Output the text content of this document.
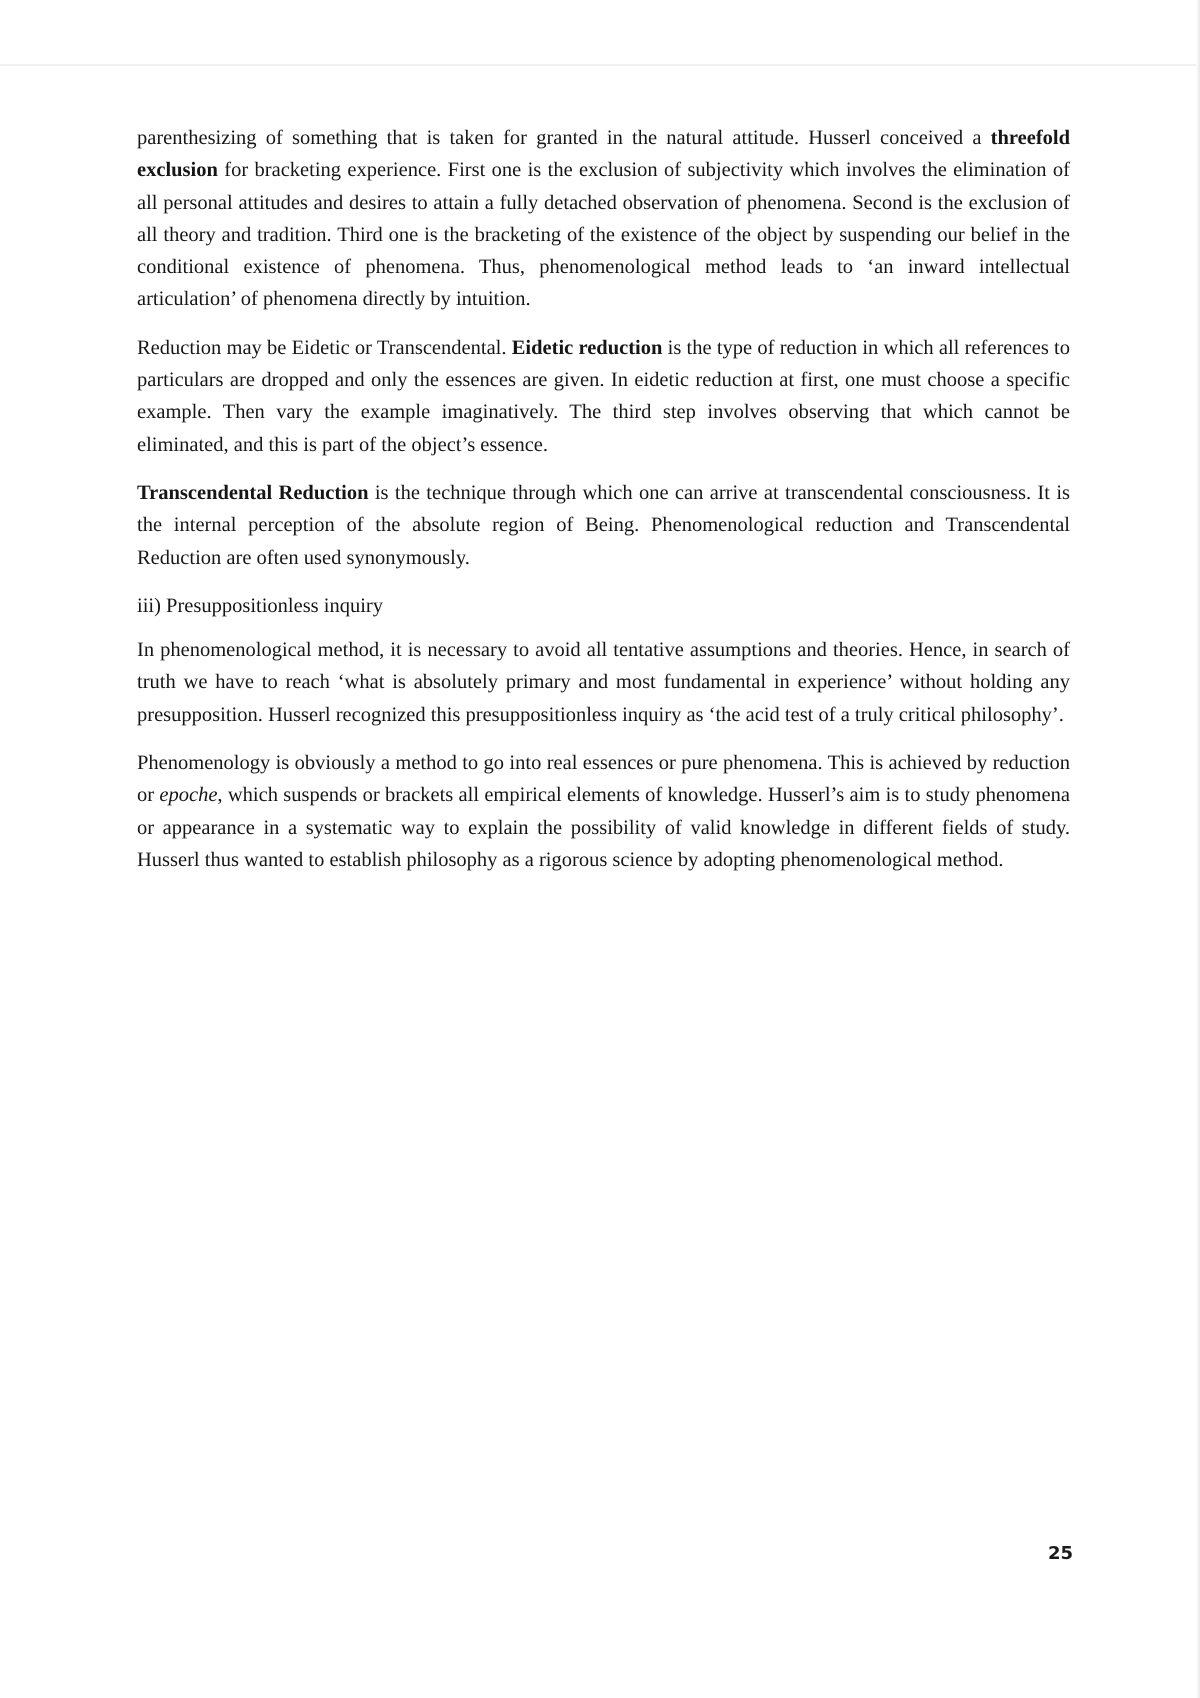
parenthesizing of something that is taken for granted in the natural attitude. Husserl conceived a threefold exclusion for bracketing experience. First one is the exclusion of subjectivity which involves the elimination of all personal attitudes and desires to attain a fully detached observation of phenomena. Second is the exclusion of all theory and tradition. Third one is the bracketing of the existence of the object by suspending our belief in the conditional existence of phenomena. Thus, phenomenological method leads to ‘an inward intellectual articulation’ of phenomena directly by intuition.

Reduction may be Eidetic or Transcendental. Eidetic reduction is the type of reduction in which all references to particulars are dropped and only the essences are given. In eidetic reduction at first, one must choose a specific example. Then vary the example imaginatively. The third step involves observing that which cannot be eliminated, and this is part of the object’s essence.

Transcendental Reduction is the technique through which one can arrive at transcendental consciousness. It is the internal perception of the absolute region of Being. Phenomenological reduction and Transcendental Reduction are often used synonymously.

iii) Presuppositionless inquiry

In phenomenological method, it is necessary to avoid all tentative assumptions and theories. Hence, in search of truth we have to reach ‘what is absolutely primary and most fundamental in experience’ without holding any presupposition. Husserl recognized this presuppositionless inquiry as ‘the acid test of a truly critical philosophy’.

Phenomenology is obviously a method to go into real essences or pure phenomena. This is achieved by reduction or epoche, which suspends or brackets all empirical elements of knowledge. Husserl’s aim is to study phenomena or appearance in a systematic way to explain the possibility of valid knowledge in different fields of study. Husserl thus wanted to establish philosophy as a rigorous science by adopting phenomenological method.

25
